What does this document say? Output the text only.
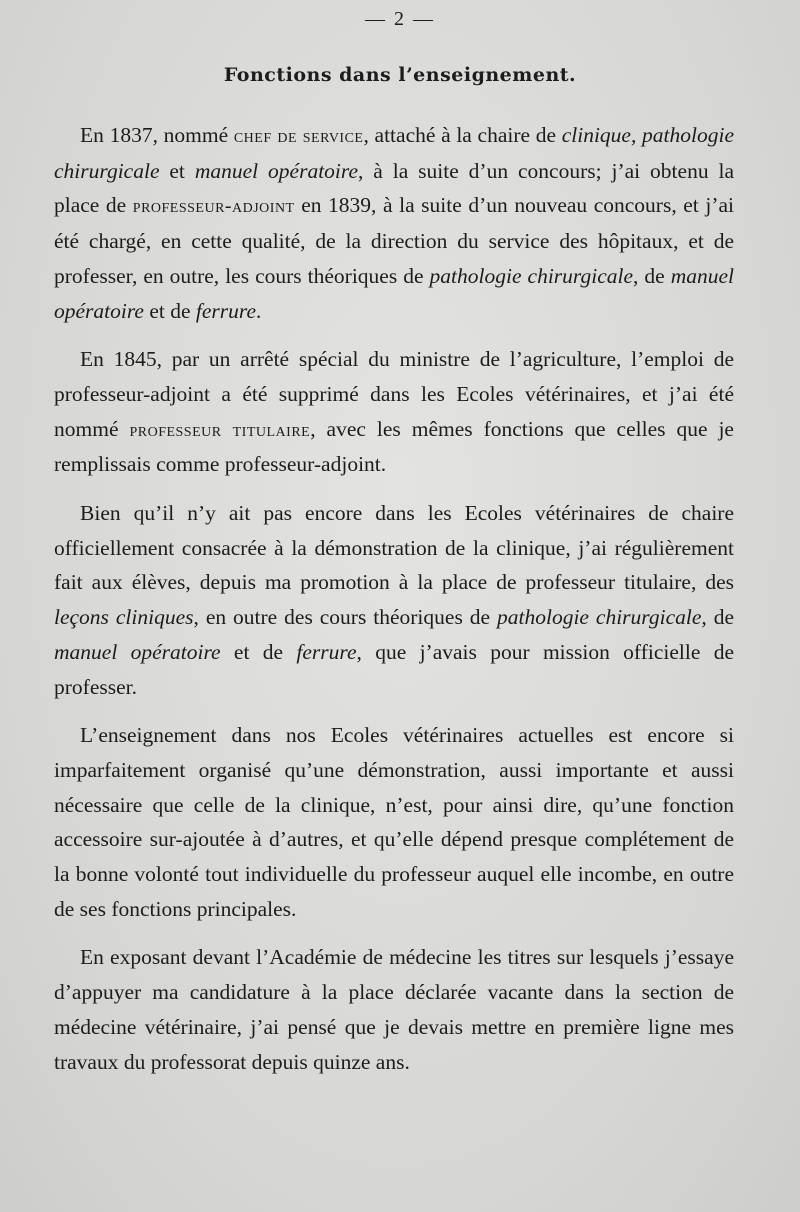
— 2 —
Fonctions dans l’enseignement.

En 1837, nommé chef de service, attaché à la chaire de clinique, pathologie chirurgicale et manuel opératoire, à la suite d’un concours; j’ai obtenu la place de professeur-adjoint en 1839, à la suite d’un nouveau concours, et j’ai été chargé, en cette qualité, de la direction du service des hôpitaux, et de professer, en outre, les cours théoriques de pathologie chirurgicale, de manuel opératoire et de ferrure.

En 1845, par un arrêté spécial du ministre de l’agriculture, l’emploi de professeur-adjoint a été supprimé dans les Ecoles vétérinaires, et j’ai été nommé professeur titulaire, avec les mêmes fonctions que celles que je remplissais comme professeur-adjoint.

Bien qu’il n’y ait pas encore dans les Ecoles vétérinaires de chaire officiellement consacrée à la démonstration de la clinique, j’ai régulièrement fait aux élèves, depuis ma promotion à la place de professeur titulaire, des leçons cliniques, en outre des cours théoriques de pathologie chirurgicale, de manuel opératoire et de ferrure, que j’avais pour mission officielle de professer.

L’enseignement dans nos Ecoles vétérinaires actuelles est encore si imparfaitement organisé qu’une démonstration, aussi importante et aussi nécessaire que celle de la clinique, n’est, pour ainsi dire, qu’une fonction accessoire sur-ajoutée à d’autres, et qu’elle dépend presque complétement de la bonne volonté tout individuelle du professeur auquel elle incombe, en outre de ses fonctions principales.

En exposant devant l’Académie de médecine les titres sur lesquels j’essaye d’appuyer ma candidature à la place déclarée vacante dans la section de médecine vétérinaire, j’ai pensé que je devais mettre en première ligne mes travaux du professorat depuis quinze ans.
